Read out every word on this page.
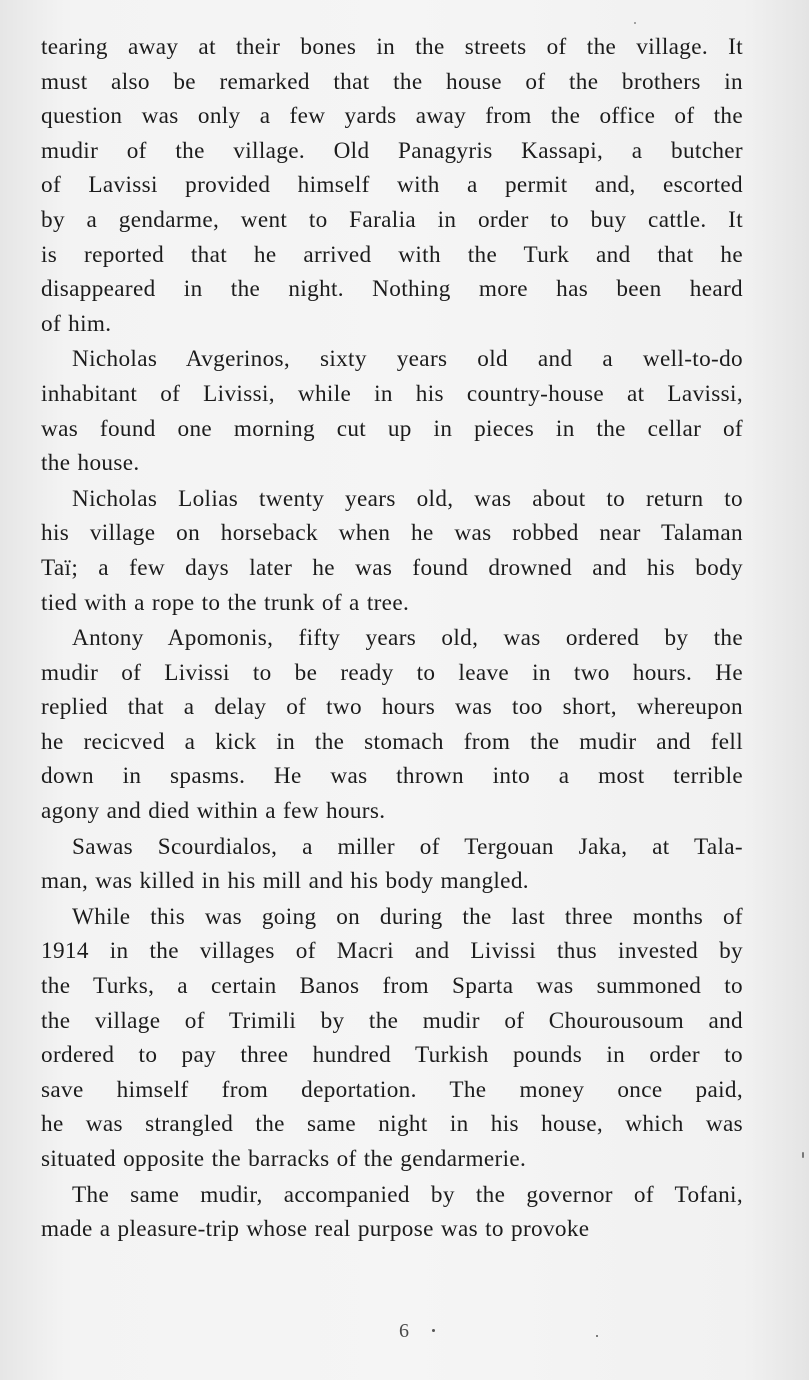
tearing away at their bones in the streets of the village. It
must also be remarked that the house of the brothers in
question was only a few yards away from the office of the
mudir of the village. Old Panagyris Kassapi, a butcher
of Lavissi provided himself with a permit and, escorted
by a gendarme, went to Faralia in order to buy cattle. It
is reported that he arrived with the Turk and that he
disappeared in the night. Nothing more has been heard
of him.

Nicholas Avgerinos, sixty years old and a well-to-do
inhabitant of Livissi, while in his country-house at Lavissi,
was found one morning cut up in pieces in the cellar of
the house.

Nicholas Lolias twenty years old, was about to return to
his village on horseback when he was robbed near Talaman
Taï; a few days later he was found drowned and his body
tied with a rope to the trunk of a tree.

Antony Apomonis, fifty years old, was ordered by the
mudir of Livissi to be ready to leave in two hours. He
replied that a delay of two hours was too short, whereupon
he recicved a kick in the stomach from the mudir and fell
down in spasms. He was thrown into a most terrible
agony and died within a few hours.

Sawas Scourdialos, a miller of Tergouan Jaka, at Tala-
man, was killed in his mill and his body mangled.

While this was going on during the last three months of
1914 in the villages of Macri and Livissi thus invested by
the Turks, a certain Banos from Sparta was summoned to
the village of Trimili by the mudir of Chourousoum and
ordered to pay three hundred Turkish pounds in order to
save himself from deportation. The money once paid,
he was strangled the same night in his house, which was
situated opposite the barracks of the gendarmerie.

The same mudir, accompanied by the governor of Tofani,
made a pleasure-trip whose real purpose was to provoke

6
